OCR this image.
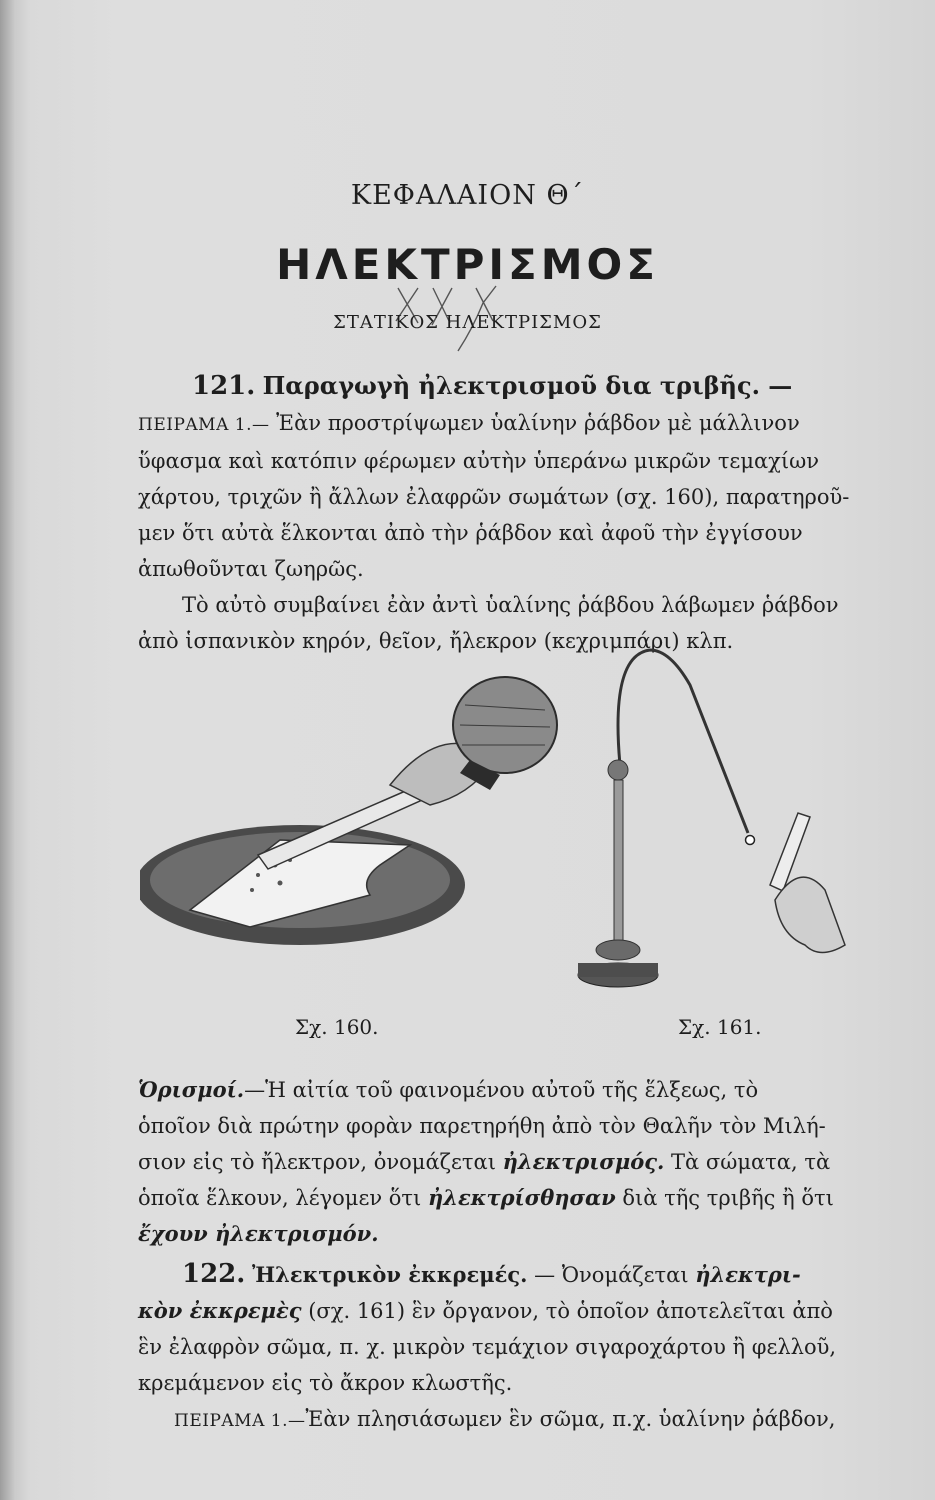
ΚΕΦΑΛΑΙΟΝ Θ΄
ΗΛΕΚΤΡΙΣΜΟΣ
ΣΤΑΤΙΚΟΣ ΗΛΕΚΤΡΙΣΜΟΣ
121. Παραγωγὴ ἠλεκτρισμοῦ δια τριβῆς. —
ΠΕΙΡΑΜΑ 1.— Ἐὰν προστρίψωμεν ὑαλίνην ῥάβδον μὲ μάλλινον
ὕφασμα καὶ κατόπιν φέρωμεν αὐτὴν ὑπεράνω μικρῶν τεμαχίων
χάρτου, τριχῶν ἢ ἄλλων ἐλαφρῶν σωμάτων (σχ. 160), παρατηροῦ-
μεν ὅτι αὐτὰ ἕλκονται ἀπὸ τὴν ῥάβδον καὶ ἀφοῦ τὴν ἐγγίσουν
ἀπωθοῦνται ζωηρῶς.
Τὸ αὐτὸ συμβαίνει ἐὰν ἀντὶ ὑαλίνης ῥάβδου λάβωμεν ῥάβδον
ἀπὸ ἱσπανικὸν κηρόν, θεῖον, ἤλεκρον (κεχριμπάρι) κλπ.
Σχ. 160.	Σχ. 161.
Ὁρισμοί.—Ἡ αἰτία τοῦ φαινομένου αὐτοῦ τῆς ἕλξεως, τὸ
ὁποῖον διὰ πρώτην φορὰν παρετηρήθη ἀπὸ τὸν Θαλῆν τὸν Μιλή-
σιον εἰς τὸ ἤλεκτρον, ὀνομάζεται ἠλεκτρισμός. Τὰ σώματα, τὰ
ὁποῖα ἕλκουν, λέγομεν ὅτι ἠλεκτρίσθησαν διὰ τῆς τριβῆς ἢ ὅτι
ἔχουν ἠλεκτρισμόν.
122. Ἠλεκτρικὸν ἐκκρεμές. — Ὀνομάζεται ἠλεκτρι-
κὸν ἐκκρεμὲς (σχ. 161) ἓν ὄργανον, τὸ ὁποῖον ἀποτελεῖται ἀπὸ
ἓν ἐλαφρὸν σῶμα, π. χ. μικρὸν τεμάχιον σιγαροχάρτου ἢ φελλοῦ,
κρεμάμενον εἰς τὸ ἄκρον κλωστῆς.
ΠΕΙΡΑΜΑ 1.—Ἐὰν πλησιάσωμεν ἓν σῶμα, π.χ. ὑαλίνην ῥάβδον,
